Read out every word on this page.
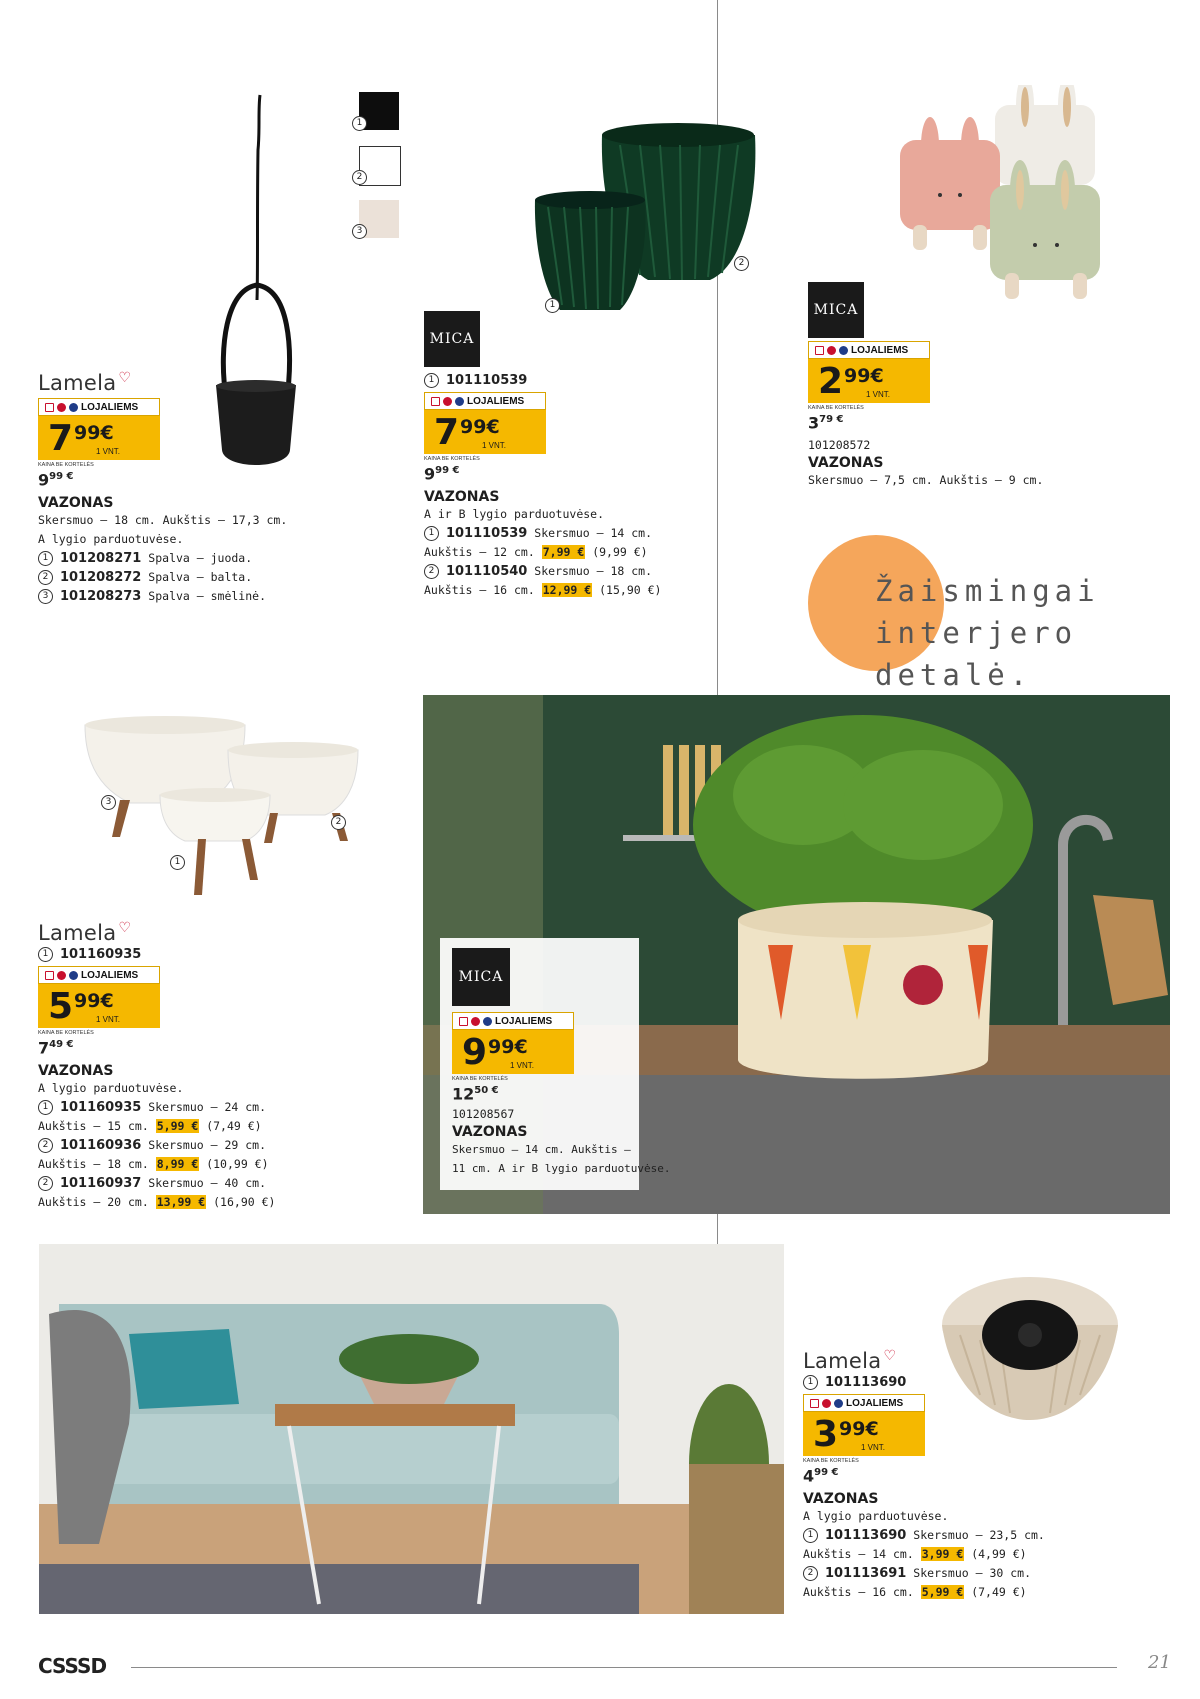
1
2
3
Lamela ♡
LOJALIEMS
7 99€
1 VNT.
KAINA BE KORTELĖS
$9^{99 €}$
VAZONAS
Skersmuo – 18 cm. Aukštis – 17,3 cm.
A lygio parduotuvėse.
1 101208271 Spalva – juoda.
2 101208272 Spalva – balta.
3 101208273 Spalva – smėlinė.
1
2
MICA
1 101110539
LOJALIEMS
7 99€
1 VNT.
KAINA BE KORTELĖS
$9^{99 €}$
VAZONAS
A ir B lygio parduotuvėse.
1 101110539 Skersmuo – 14 cm.
Aukštis – 12 cm. 7,99 € (9,99 €)
2 101110540 Skersmuo – 18 cm.
Aukštis – 16 cm. 12,99 € (15,90 €)
MICA
LOJALIEMS
2 99€
1 VNT.
KAINA BE KORTELĖS
$3^{79 €}$
101208572
VAZONAS
Skersmuo – 7,5 cm. Aukštis – 9 cm.
Žaismingai
interjero detalė.
1
2
3
Lamela ♡
1 101160935
LOJALIEMS
5 99€
1 VNT.
KAINA BE KORTELĖS
$7^{49 €}$
VAZONAS
A lygio parduotuvėse.
1 101160935 Skersmuo – 24 cm.
Aukštis – 15 cm. 5,99 € (7,49 €)
2 101160936 Skersmuo – 29 cm.
Aukštis – 18 cm. 8,99 € (10,99 €)
2 101160937 Skersmuo – 40 cm.
Aukštis – 20 cm. 13,99 € (16,90 €)
MICA
LOJALIEMS
9 99€
1 VNT.
KAINA BE KORTELĖS
$12^{50 €}$
101208567
VAZONAS
Skersmuo – 14 cm. Aukštis –
11 cm. A ir B lygio parduotuvėse.
Lamela ♡
1 101113690
LOJALIEMS
3 99€
1 VNT.
KAINA BE KORTELĖS
$4^{99 €}$
VAZONAS
A lygio parduotuvėse.
1 101113690 Skersmuo – 23,5 cm.
Aukštis – 14 cm. 3,99 € (4,99 €)
2 101113691 Skersmuo – 30 cm.
Aukštis – 16 cm. 5,99 € (7,49 €)
CSSSD	21
